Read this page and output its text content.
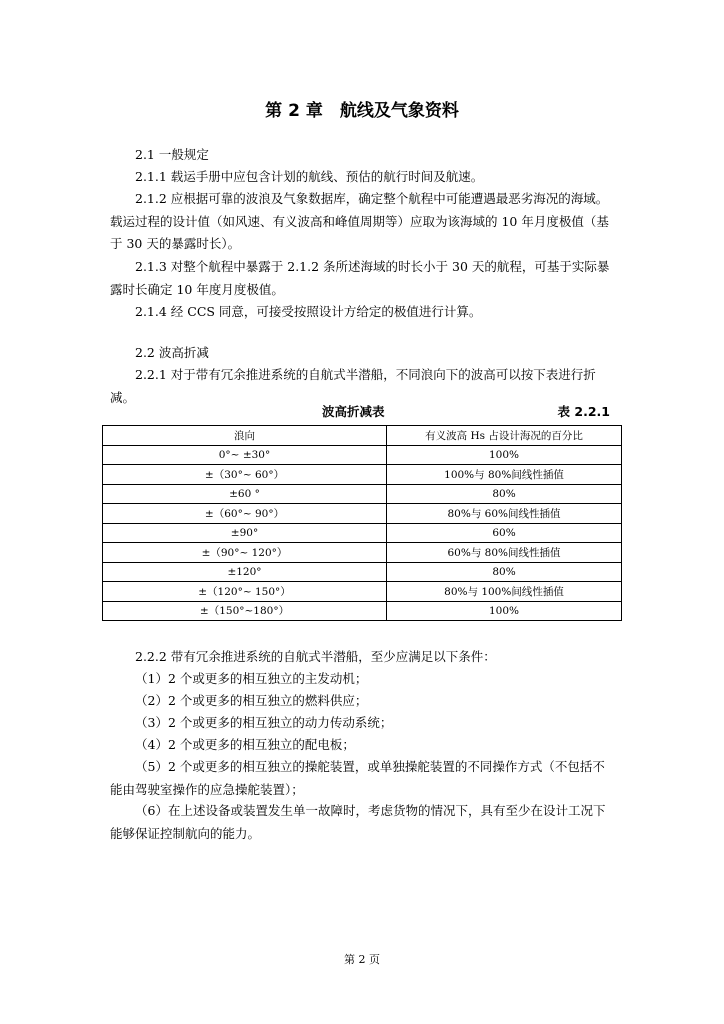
第 2 章　航线及气象资料

2.1 一般规定

2.1.1 载运手册中应包含计划的航线、预估的航行时间及航速。

2.1.2 应根据可靠的波浪及气象数据库，确定整个航程中可能遭遇最恶劣海况的海域。载运过程的设计值（如风速、有义波高和峰值周期等）应取为该海域的 10 年月度极值（基于 30 天的暴露时长）。

2.1.3 对整个航程中暴露于 2.1.2 条所述海域的时长小于 30 天的航程，可基于实际暴露时长确定 10 年度月度极值。

2.1.4 经 CCS 同意，可接受按照设计方给定的极值进行计算。

2.2 波高折减

2.2.1 对于带有冗余推进系统的自航式半潜船，不同浪向下的波高可以按下表进行折减。

波高折减表	表 2.2.1
浪向	有义波高 Hs 占设计海况的百分比
0°~ ±30°	100%
±（30°~ 60°）	100%与 80%间线性插值
±60 °	80%
±（60°~ 90°）	80%与 60%间线性插值
±90°	60%
±（90°~ 120°）	60%与 80%间线性插值
±120°	80%
±（120°~ 150°）	80%与 100%间线性插值
±（150°~180°）	100%

2.2.2 带有冗余推进系统的自航式半潜船，至少应满足以下条件：

（1）2 个或更多的相互独立的主发动机；

（2）2 个或更多的相互独立的燃料供应；

（3）2 个或更多的相互独立的动力传动系统；

（4）2 个或更多的相互独立的配电板；

（5）2 个或更多的相互独立的操舵装置，或单独操舵装置的不同操作方式（不包括不能由驾驶室操作的应急操舵装置）；

（6）在上述设备或装置发生单一故障时，考虑货物的情况下，具有至少在设计工况下能够保证控制航向的能力。

第 2 页
